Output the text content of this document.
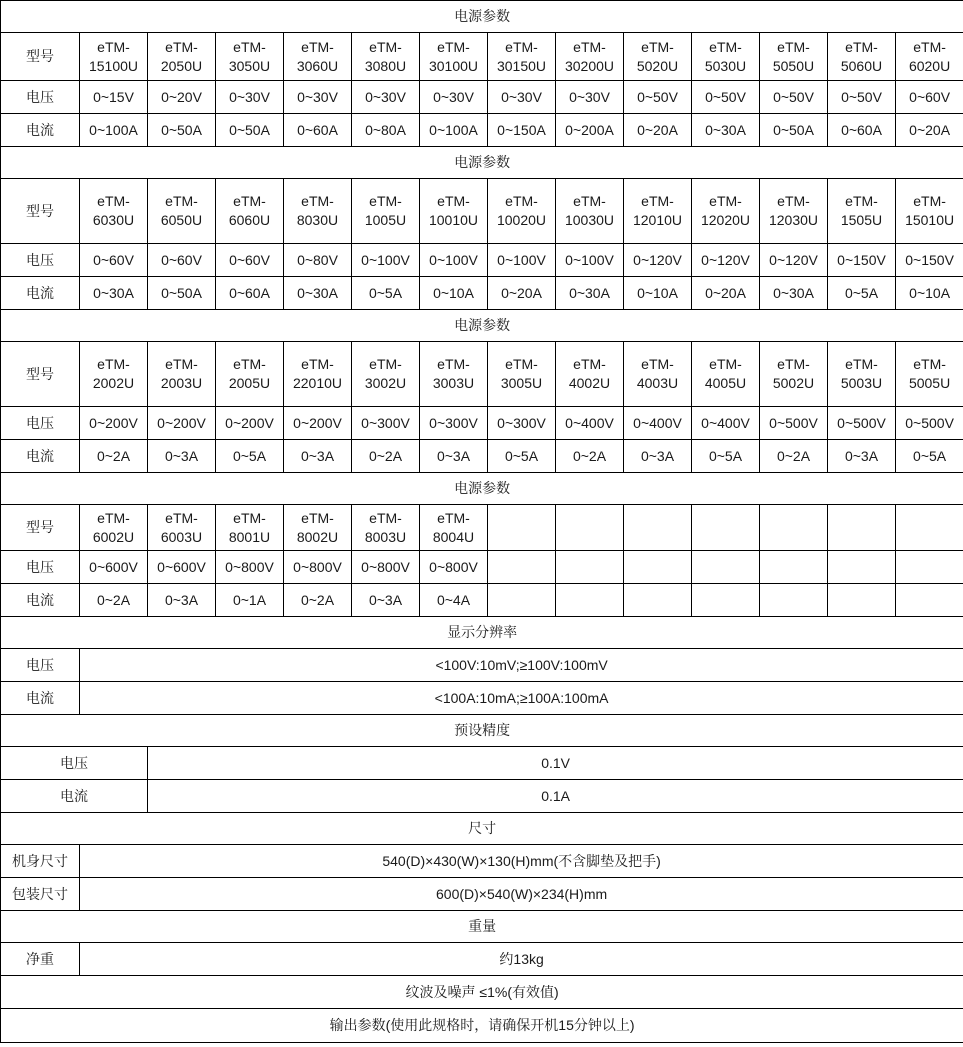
电源参数													
型号	eTM-15100U	eTM-2050U	eTM-3050U	eTM-3060U	eTM-3080U	eTM-30100U	eTM-30150U	eTM-30200U	eTM-5020U	eTM-5030U	eTM-5050U	eTM-5060U	eTM-6020U
电压	0~15V	0~20V	0~30V	0~30V	0~30V	0~30V	0~30V	0~30V	0~50V	0~50V	0~50V	0~50V	0~60V
电流	0~100A	0~50A	0~50A	0~60A	0~80A	0~100A	0~150A	0~200A	0~20A	0~30A	0~50A	0~60A	0~20A
电源参数													
型号	eTM-6030U	eTM-6050U	eTM-6060U	eTM-8030U	eTM-1005U	eTM-10010U	eTM-10020U	eTM-10030U	eTM-12010U	eTM-12020U	eTM-12030U	eTM-1505U	eTM-15010U
电压	0~60V	0~60V	0~60V	0~80V	0~100V	0~100V	0~100V	0~100V	0~120V	0~120V	0~120V	0~150V	0~150V
电流	0~30A	0~50A	0~60A	0~30A	0~5A	0~10A	0~20A	0~30A	0~10A	0~20A	0~30A	0~5A	0~10A
电源参数													
型号	eTM-2002U	eTM-2003U	eTM-2005U	eTM-22010U	eTM-3002U	eTM-3003U	eTM-3005U	eTM-4002U	eTM-4003U	eTM-4005U	eTM-5002U	eTM-5003U	eTM-5005U
电压	0~200V	0~200V	0~200V	0~200V	0~300V	0~300V	0~300V	0~400V	0~400V	0~400V	0~500V	0~500V	0~500V
电流	0~2A	0~3A	0~5A	0~3A	0~2A	0~3A	0~5A	0~2A	0~3A	0~5A	0~2A	0~3A	0~5A
电源参数													
型号	eTM-6002U	eTM-6003U	eTM-8001U	eTM-8002U	eTM-8003U	eTM-8004U							
电压	0~600V	0~600V	0~800V	0~800V	0~800V	0~800V							
电流	0~2A	0~3A	0~1A	0~2A	0~3A	0~4A							
显示分辨率													
电压	<100V:10mV;≥100V:100mV												
电流	<100A:10mA;≥100A:100mA												
预设精度													
电压		0.1V											
电流		0.1A											
尺寸													
机身尺寸	540(D)×430(W)×130(H)mm(不含脚垫及把手)												
包装尺寸	600(D)×540(W)×234(H)mm												
重量													
净重	约13kg												
纹波及噪声 ≤1%(有效值)													
输出参数(使用此规格时，请确保开机15分钟以上)													
